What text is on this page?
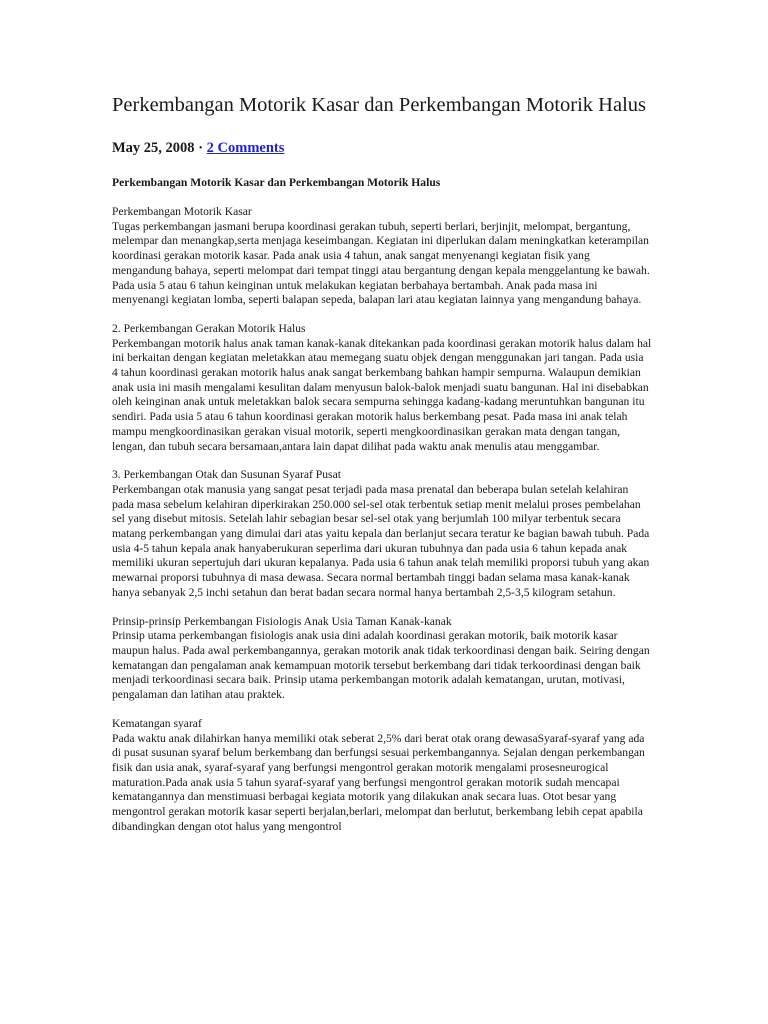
Perkembangan Motorik Kasar dan Perkembangan Motorik Halus
May 25, 2008 · 2 Comments
Perkembangan Motorik Kasar dan Perkembangan Motorik Halus
Perkembangan Motorik Kasar
Tugas perkembangan jasmani berupa koordinasi gerakan tubuh, seperti berlari, berjinjit, melompat, bergantung, melempar dan menangkap,serta menjaga keseimbangan. Kegiatan ini diperlukan dalam meningkatkan keterampilan koordinasi gerakan motorik kasar. Pada anak usia 4 tahun, anak sangat menyenangi kegiatan fisik yang mengandung bahaya, seperti melompat dari tempat tinggi atau bergantung dengan kepala menggelantung ke bawah. Pada usia 5 atau 6 tahun keinginan untuk melakukan kegiatan berbahaya bertambah. Anak pada masa ini menyenangi kegiatan lomba, seperti balapan sepeda, balapan lari atau kegiatan lainnya yang mengandung bahaya.
2. Perkembangan Gerakan Motorik Halus
Perkembangan motorik halus anak taman kanak-kanak ditekankan pada koordinasi gerakan motorik halus dalam hal ini berkaitan dengan kegiatan meletakkan atau memegang suatu objek dengan menggunakan jari tangan. Pada usia 4 tahun koordinasi gerakan motorik halus anak sangat berkembang bahkan hampir sempurna. Walaupun demikian anak usia ini masih mengalami kesulitan dalam menyusun balok-balok menjadi suatu bangunan. Hal ini disebabkan oleh keinginan anak untuk meletakkan balok secara sempurna sehingga kadang-kadang meruntuhkan bangunan itu sendiri. Pada usia 5 atau 6 tahun koordinasi gerakan motorik halus berkembang pesat. Pada masa ini anak telah mampu mengkoordinasikan gerakan visual motorik, seperti mengkoordinasikan gerakan mata dengan tangan, lengan, dan tubuh secara bersamaan,antara lain dapat dilihat pada waktu anak menulis atau menggambar.
3. Perkembangan Otak dan Susunan Syaraf Pusat
Perkembangan otak manusia yang sangat pesat terjadi pada masa prenatal dan beberapa bulan setelah kelahiran pada masa sebelum kelahiran diperkirakan 250.000 sel-sel otak terbentuk setiap menit melalui proses pembelahan sel yang disebut mitosis. Setelah lahir sebagian besar sel-sel otak yang berjumlah 100 milyar terbentuk secara matang perkembangan yang dimulai dari atas yaitu kepala dan berlanjut secara teratur ke bagian bawah tubuh. Pada usia 4-5 tahun kepala anak hanyaberukuran seperlima dari ukuran tubuhnya dan pada usia 6 tahun kepada anak memiliki ukuran sepertujuh dari ukuran kepalanya. Pada usia 6 tahun anak telah memiliki proporsi tubuh yang akan mewarnai proporsi tubuhnya di masa dewasa. Secara normal bertambah tinggi badan selama masa kanak-kanak hanya sebanyak 2,5 inchi setahun dan berat badan secara normal hanya bertambah 2,5-3,5 kilogram setahun.
Prinsip-prinsip Perkembangan Fisiologis Anak Usia Taman Kanak-kanak
Prinsip utama perkembangan fisiologis anak usia dini adalah koordinasi gerakan motorik, baik motorik kasar maupun halus. Pada awal perkembangannya, gerakan motorik anak tidak terkoordinasi dengan baik. Seiring dengan kematangan dan pengalaman anak kemampuan motorik tersebut berkembang dari tidak terkoordinasi dengan baik menjadi terkoordinasi secara baik. Prinsip utama perkembangan motorik adalah kematangan, urutan, motivasi, pengalaman dan latihan atau praktek.
Kematangan syaraf
Pada waktu anak dilahirkan hanya memiliki otak seberat 2,5% dari berat otak orang dewasaSyaraf-syaraf yang ada di pusat susunan syaraf belum berkembang dan berfungsi sesuai perkembangannya. Sejalan dengan perkembangan fisik dan usia anak, syaraf-syaraf yang berfungsi mengontrol gerakan motorik mengalami prosesneurogical maturation.Pada anak usia 5 tahun syaraf-syaraf yang berfungsi mengontrol gerakan motorik sudah mencapai kematangannya dan menstimuasi berbagai kegiata motorik yang dilakukan anak secara luas. Otot besar yang mengontrol gerakan motorik kasar seperti berjalan,berlari, melompat dan berlutut, berkembang lebih cepat apabila dibandingkan dengan otot halus yang mengontrol
